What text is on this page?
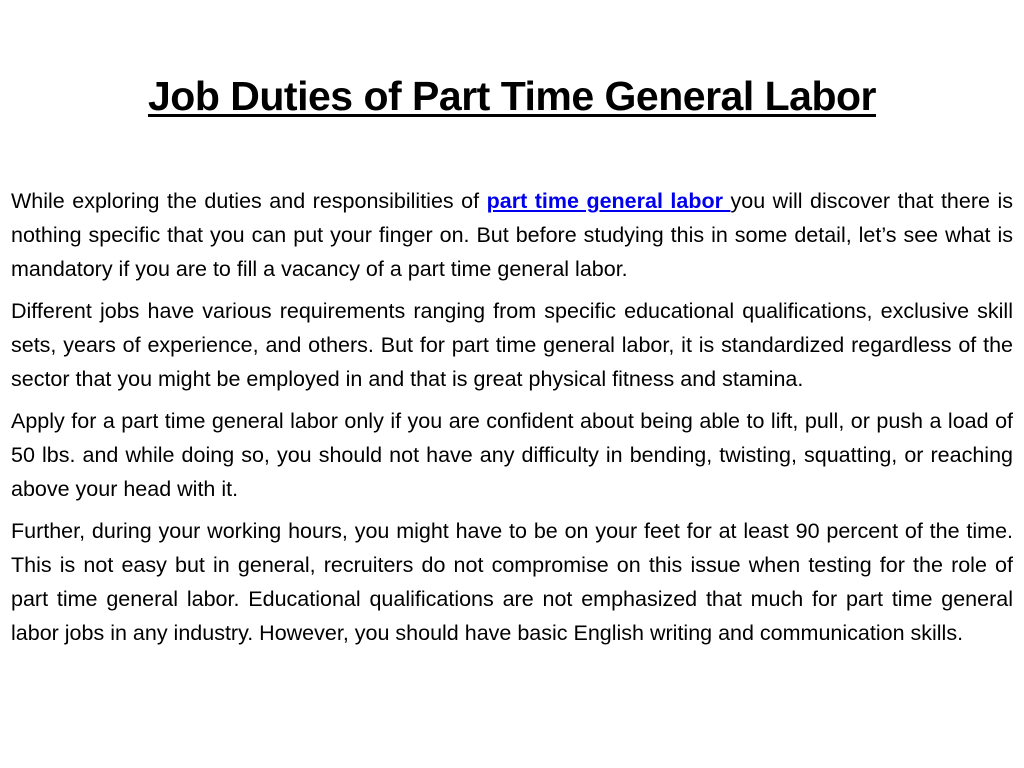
Job Duties of Part Time General Labor

While exploring the duties and responsibilities of part time general labor you will discover that there is nothing specific that you can put your finger on. But before studying this in some detail, let’s see what is mandatory if you are to fill a vacancy of a part time general labor.

Different jobs have various requirements ranging from specific educational qualifications, exclusive skill sets, years of experience, and others. But for part time general labor, it is standardized regardless of the sector that you might be employed in and that is great physical fitness and stamina.

Apply for a part time general labor only if you are confident about being able to lift, pull, or push a load of 50 lbs. and while doing so, you should not have any difficulty in bending, twisting, squatting, or reaching above your head with it.

Further, during your working hours, you might have to be on your feet for at least 90 percent of the time. This is not easy but in general, recruiters do not compromise on this issue when testing for the role of part time general labor. Educational qualifications are not emphasized that much for part time general labor jobs in any industry. However, you should have basic English writing and communication skills.
